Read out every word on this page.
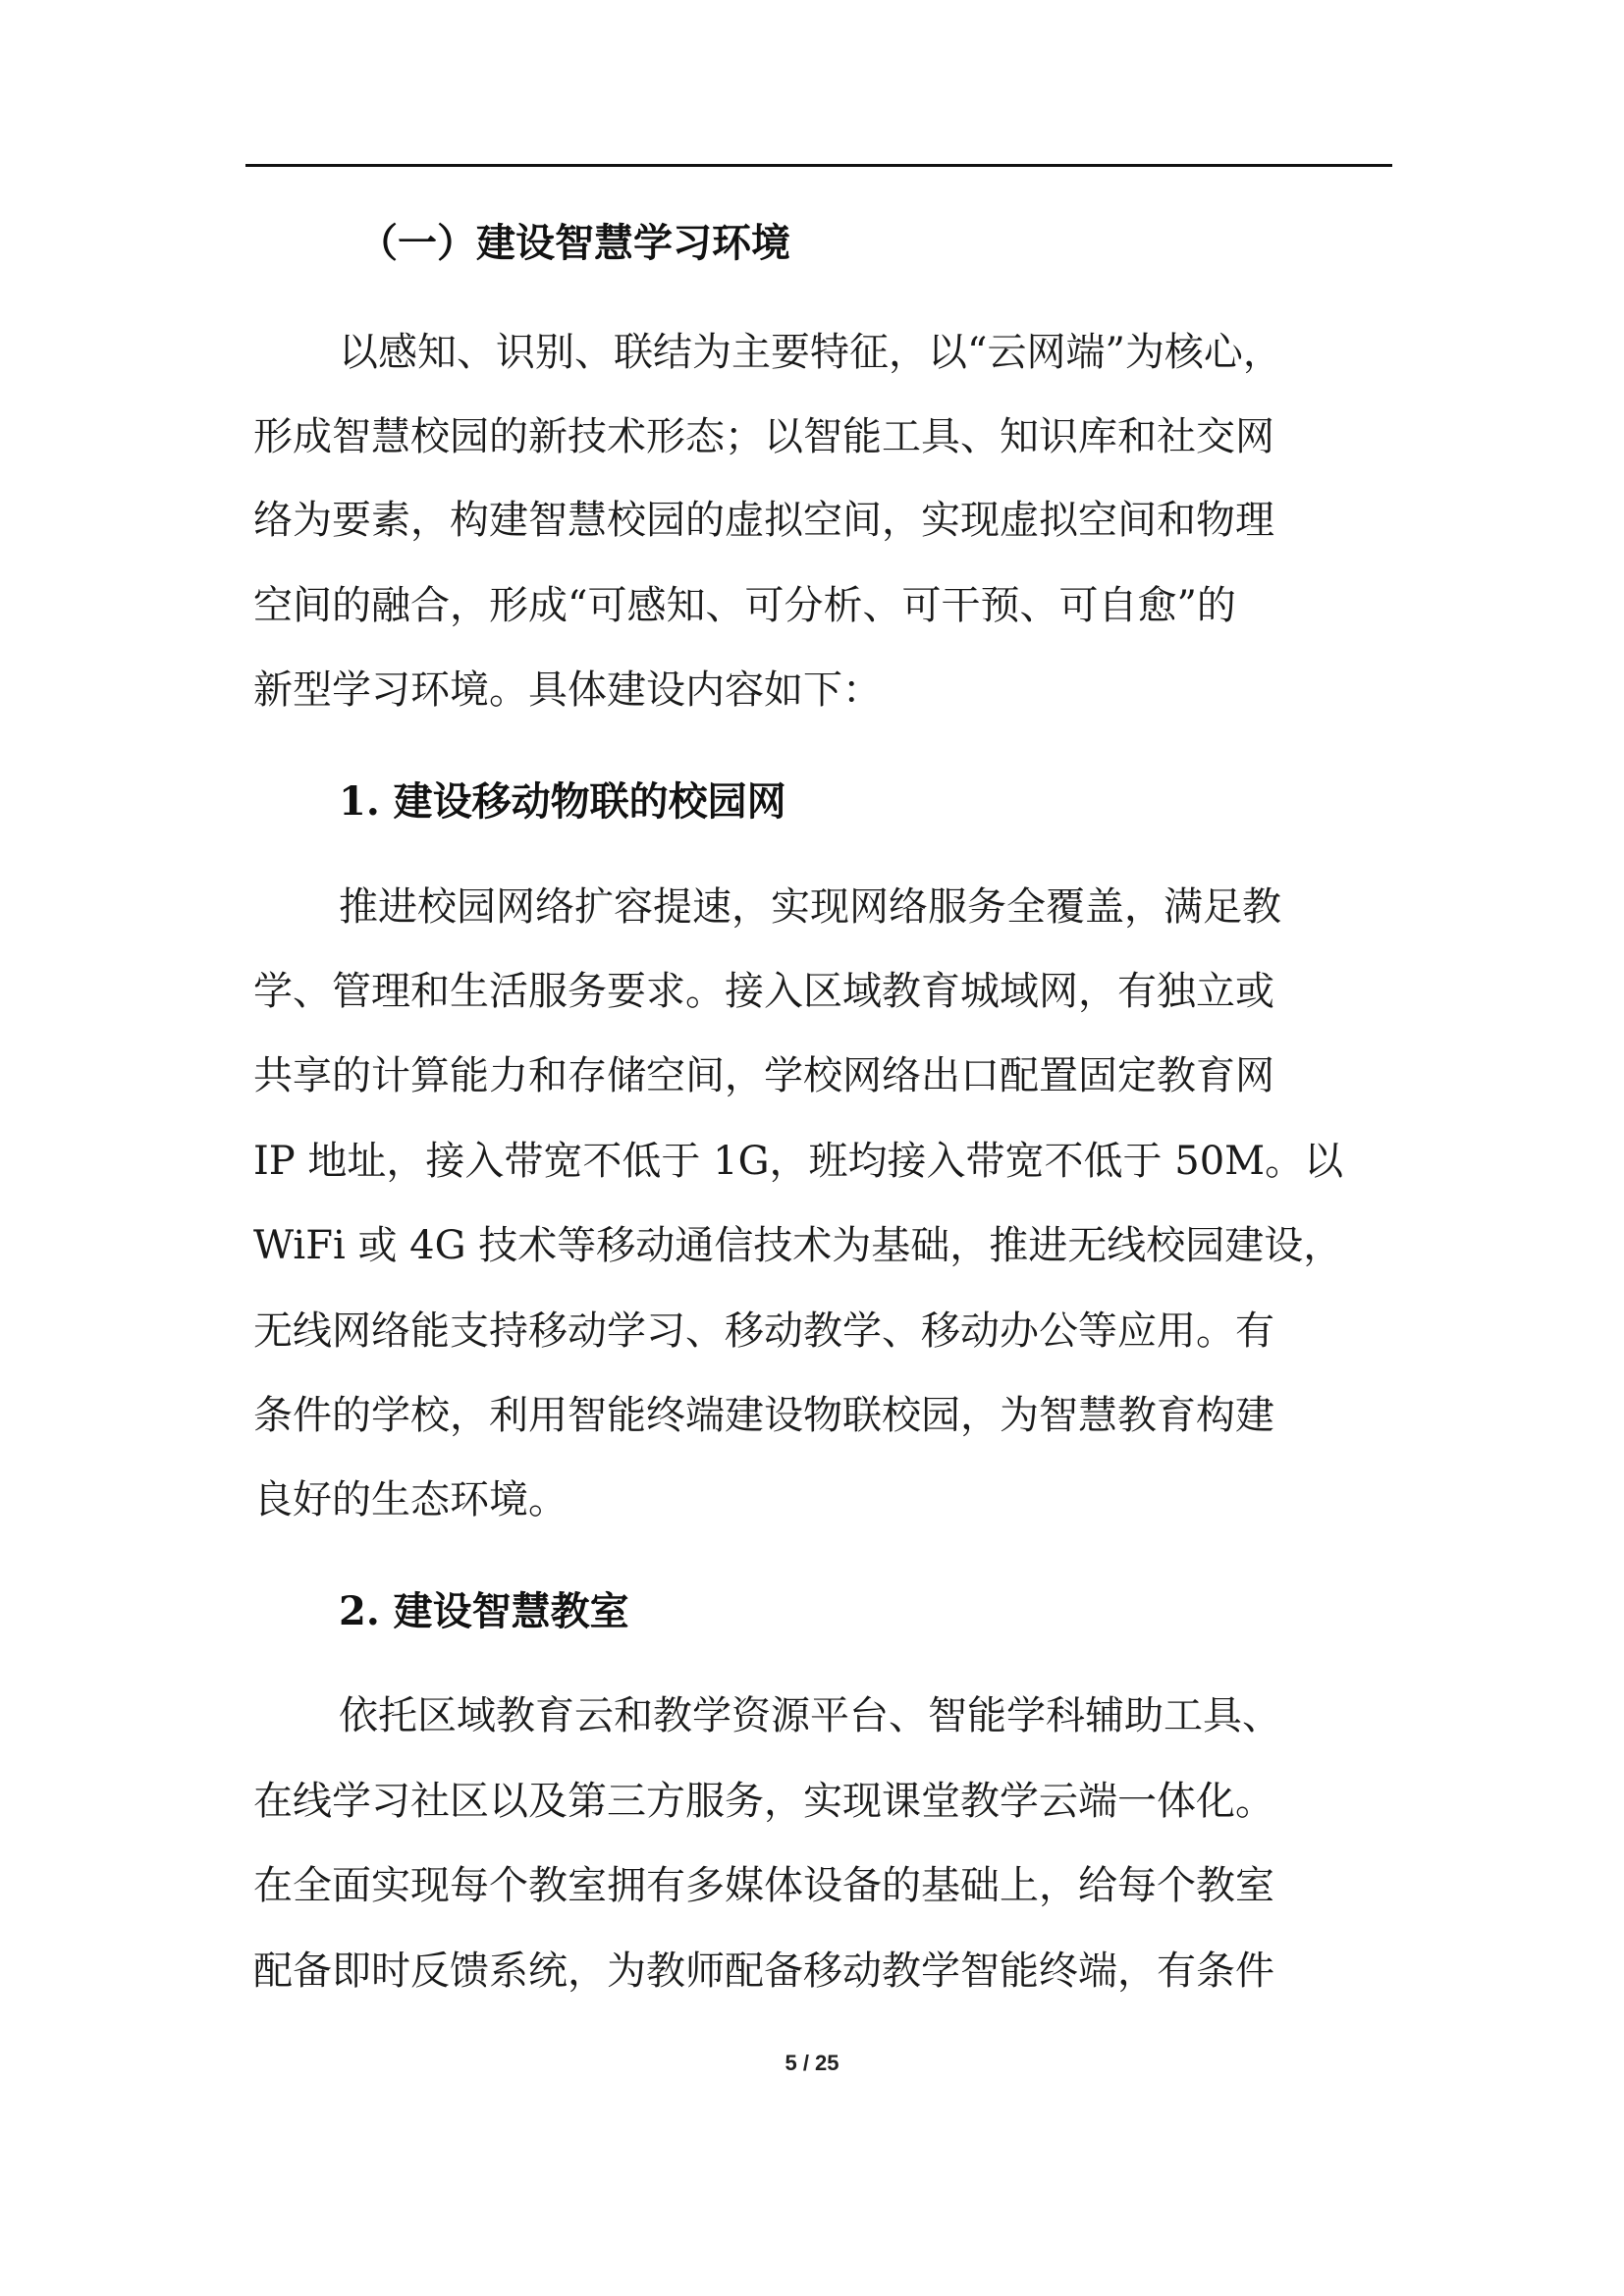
（一）建设智慧学习环境
以感知、识别、联结为主要特征，以“云网端”为核心，
形成智慧校园的新技术形态；以智能工具、知识库和社交网
络为要素，构建智慧校园的虚拟空间，实现虚拟空间和物理
空间的融合，形成“可感知、可分析、可干预、可自愈”的
新型学习环境。具体建设内容如下：
1. 建设移动物联的校园网
推进校园网络扩容提速，实现网络服务全覆盖，满足教
学、管理和生活服务要求。接入区域教育城域网，有独立或
共享的计算能力和存储空间，学校网络出口配置固定教育网
IP 地址，接入带宽不低于 1G，班均接入带宽不低于 50M。以
WiFi 或 4G 技术等移动通信技术为基础，推进无线校园建设，
无线网络能支持移动学习、移动教学、移动办公等应用。有
条件的学校，利用智能终端建设物联校园，为智慧教育构建
良好的生态环境。
2. 建设智慧教室
依托区域教育云和教学资源平台、智能学科辅助工具、
在线学习社区以及第三方服务，实现课堂教学云端一体化。
在全面实现每个教室拥有多媒体设备的基础上，给每个教室
配备即时反馈系统，为教师配备移动教学智能终端，有条件
5 / 25
